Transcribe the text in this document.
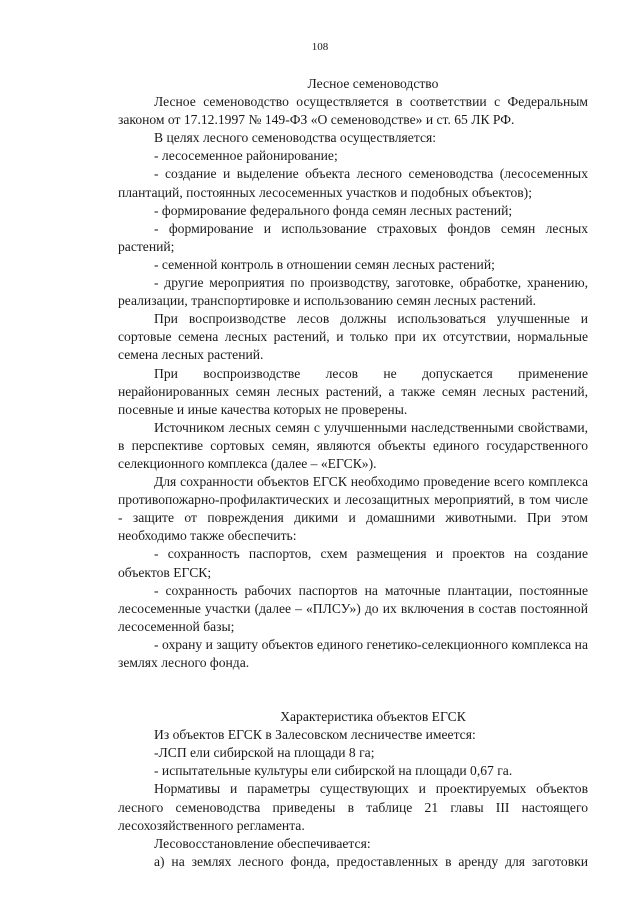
108

Лесное семеноводство

Лесное семеноводство осуществляется в соответствии с Федеральным законом от 17.12.1997 № 149-ФЗ «О семеноводстве» и ст. 65 ЛК РФ.

В целях лесного семеноводства осуществляется:

- лесосеменное районирование;

- создание и выделение объекта лесного семеноводства (лесосеменных плантаций, постоянных лесосеменных участков и подобных объектов);

- формирование федерального фонда семян лесных растений;

- формирование и использование страховых фондов семян лесных растений;

- семенной контроль в отношении семян лесных растений;

- другие мероприятия по производству, заготовке, обработке, хранению, реализации, транспортировке и использованию семян лесных растений.

При воспроизводстве лесов должны использоваться улучшенные и сортовые семена лесных растений, и только при их отсутствии, нормальные семена лесных растений.

При воспроизводстве лесов не допускается применение нерайонированных семян лесных растений, а также семян лесных растений, посевные и иные качества которых не проверены.

Источником лесных семян с улучшенными наследственными свойствами, в перспективе сортовых семян, являются объекты единого государственного селекционного комплекса (далее – «ЕГСК»).

Для сохранности объектов ЕГСК необходимо проведение всего комплекса противопожарно-профилактических и лесозащитных мероприятий, в том числе - защите от повреждения дикими и домашними животными. При этом необходимо также обеспечить:

- сохранность паспортов, схем размещения и проектов на создание объектов ЕГСК;

- сохранность рабочих паспортов на маточные плантации, постоянные лесосеменные участки (далее – «ПЛСУ») до их включения в состав постоянной лесосеменной базы;

- охрану и защиту объектов единого генетико-селекционного комплекса на землях лесного фонда.

Характеристика объектов ЕГСК

Из объектов ЕГСК в Залесовском лесничестве имеется:

-ЛСП ели сибирской на площади 8 га;

- испытательные культуры ели сибирской на площади 0,67 га.

Нормативы и параметры существующих и проектируемых объектов лесного семеноводства приведены в таблице 21 главы III настоящего лесохозяйственного регламента.

Лесовосстановление обеспечивается:

а) на землях лесного фонда, предоставленных в аренду для заготовки
